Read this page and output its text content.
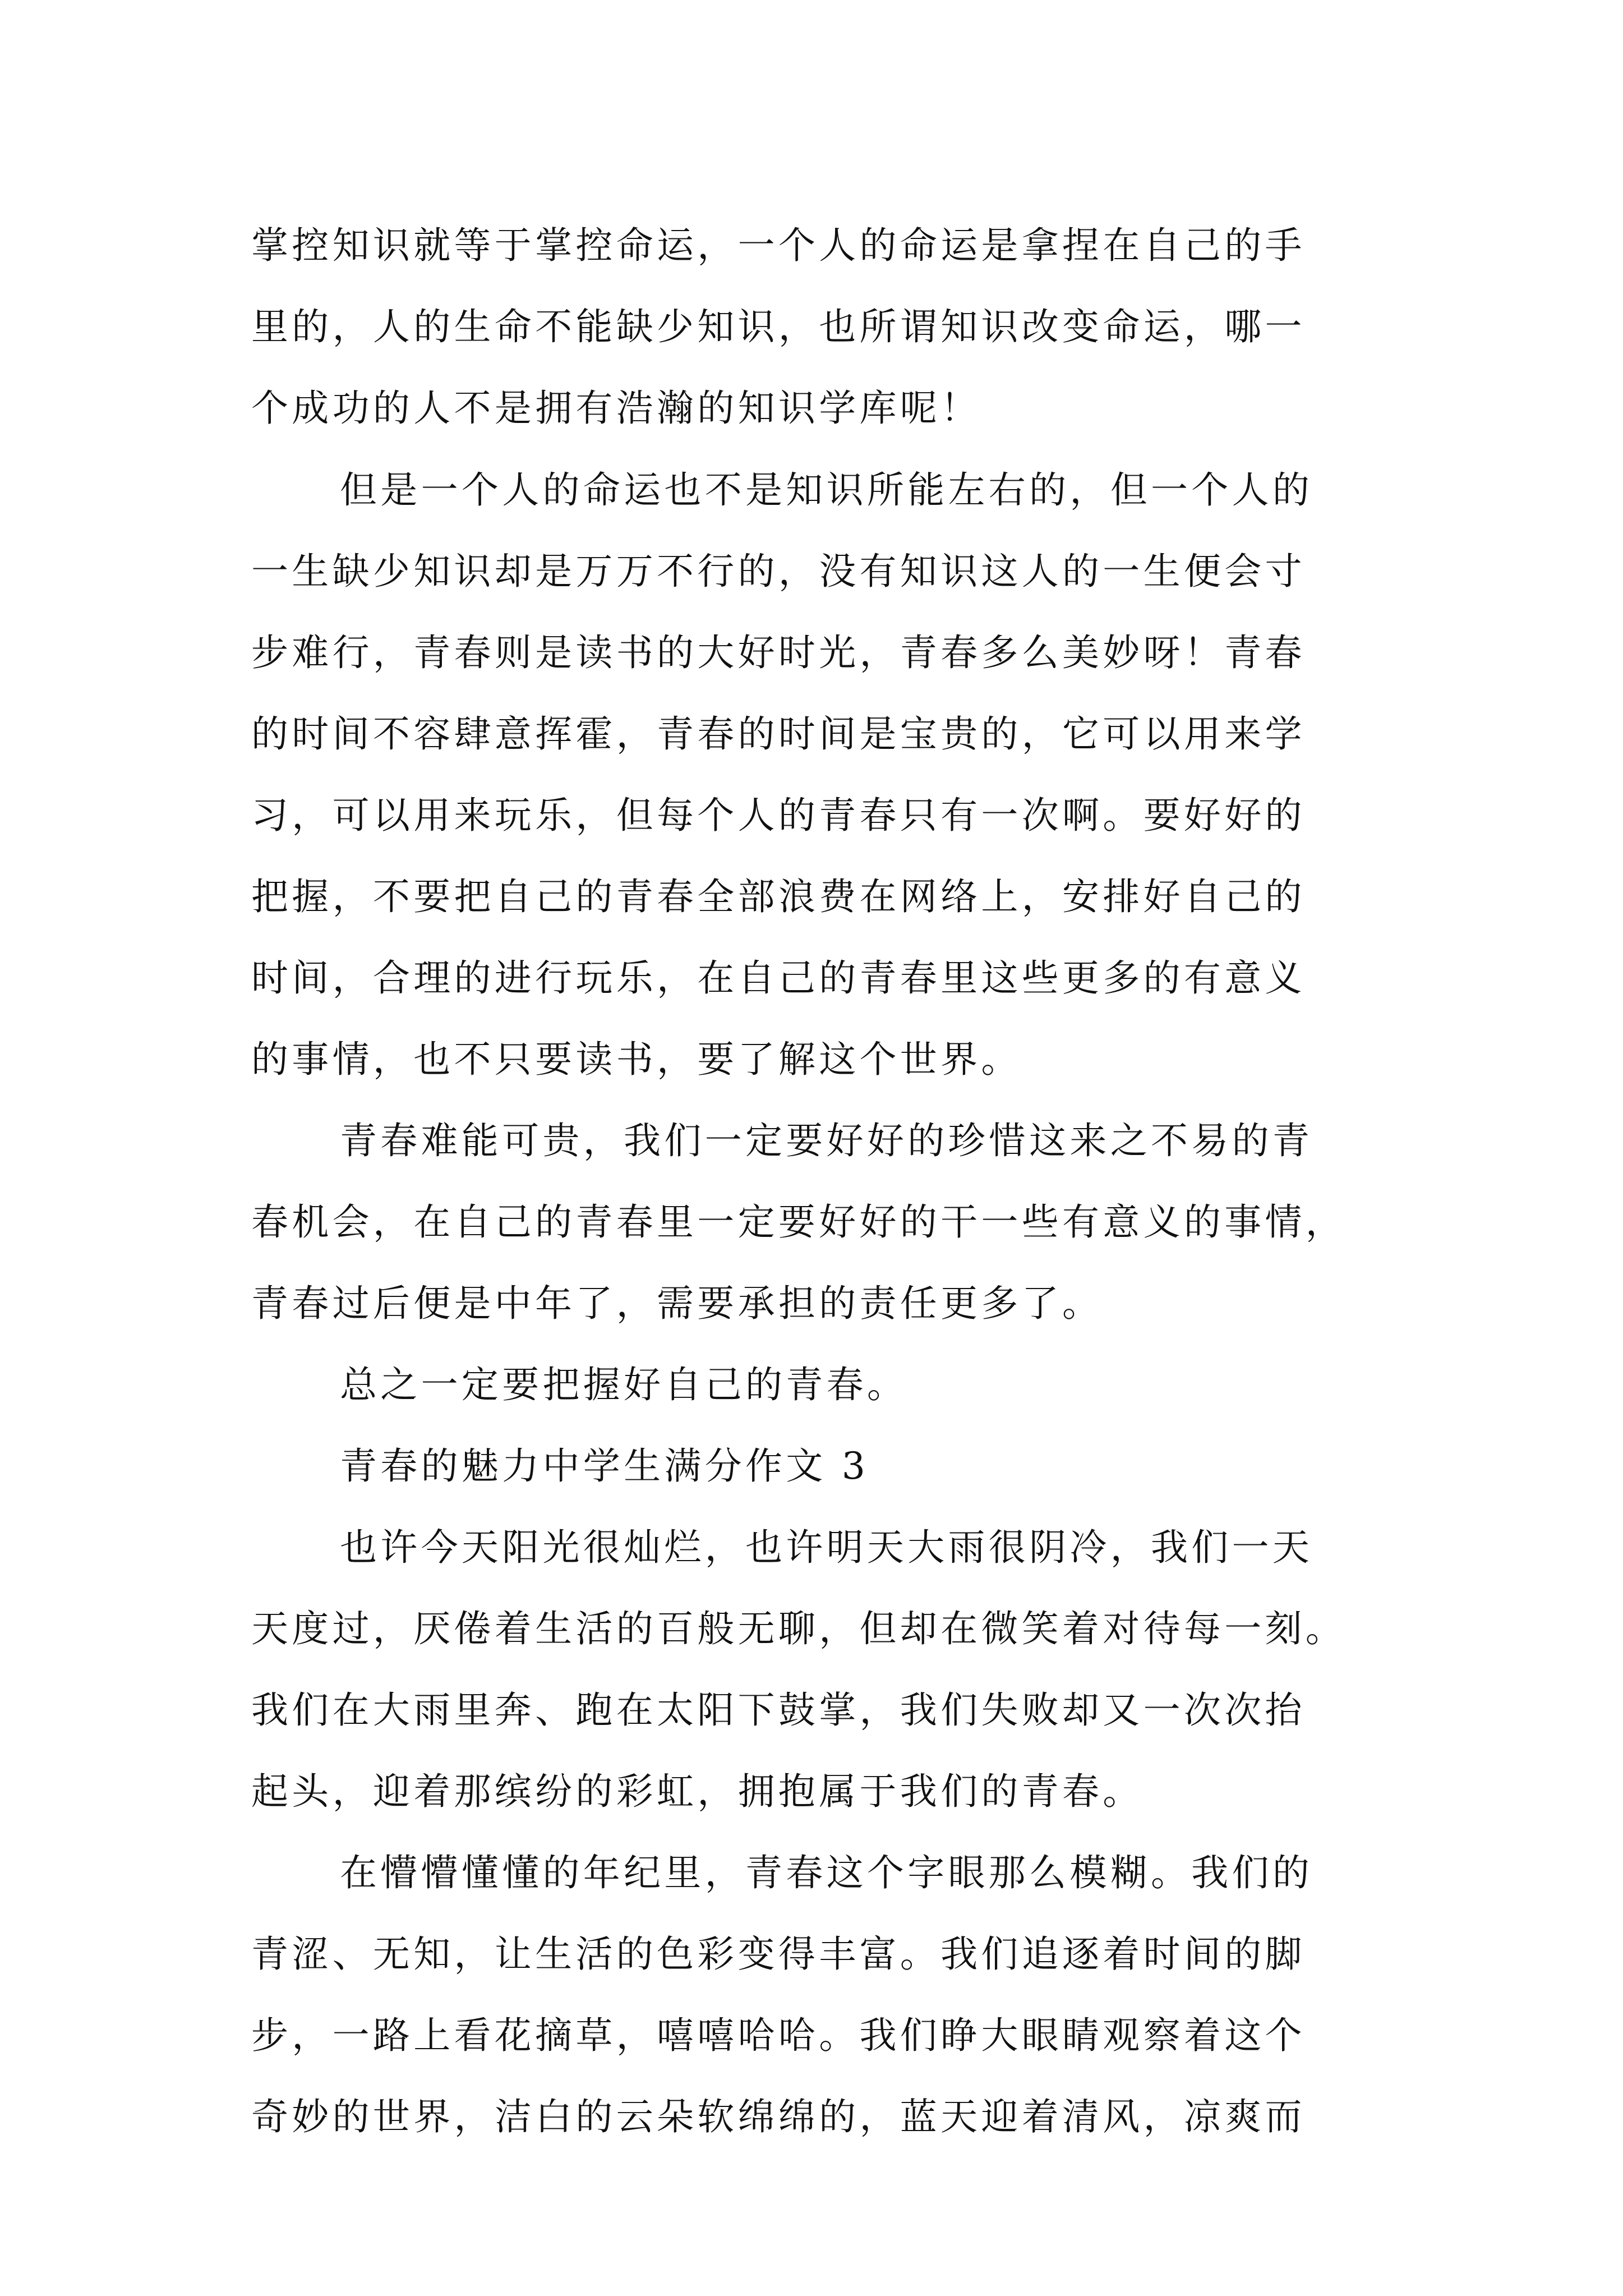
掌控知识就等于掌控命运，一个人的命运是拿捏在自己的手
里的，人的生命不能缺少知识，也所谓知识改变命运，哪一
个成功的人不是拥有浩瀚的知识学库呢！
但是一个人的命运也不是知识所能左右的，但一个人的
一生缺少知识却是万万不行的，没有知识这人的一生便会寸
步难行，青春则是读书的大好时光，青春多么美妙呀！青春
的时间不容肆意挥霍，青春的时间是宝贵的，它可以用来学
习，可以用来玩乐，但每个人的青春只有一次啊。要好好的
把握，不要把自己的青春全部浪费在网络上，安排好自己的
时间，合理的进行玩乐，在自己的青春里这些更多的有意义
的事情，也不只要读书，要了解这个世界。
青春难能可贵，我们一定要好好的珍惜这来之不易的青
春机会，在自己的青春里一定要好好的干一些有意义的事情，
青春过后便是中年了，需要承担的责任更多了。
总之一定要把握好自己的青春。
青春的魅力中学生满分作文 3
也许今天阳光很灿烂，也许明天大雨很阴冷，我们一天
天度过，厌倦着生活的百般无聊，但却在微笑着对待每一刻。
我们在大雨里奔、跑在太阳下鼓掌，我们失败却又一次次抬
起头，迎着那缤纷的彩虹，拥抱属于我们的青春。
在懵懵懂懂的年纪里，青春这个字眼那么模糊。我们的
青涩、无知，让生活的色彩变得丰富。我们追逐着时间的脚
步，一路上看花摘草，嘻嘻哈哈。我们睁大眼睛观察着这个
奇妙的世界，洁白的云朵软绵绵的，蓝天迎着清风，凉爽而
